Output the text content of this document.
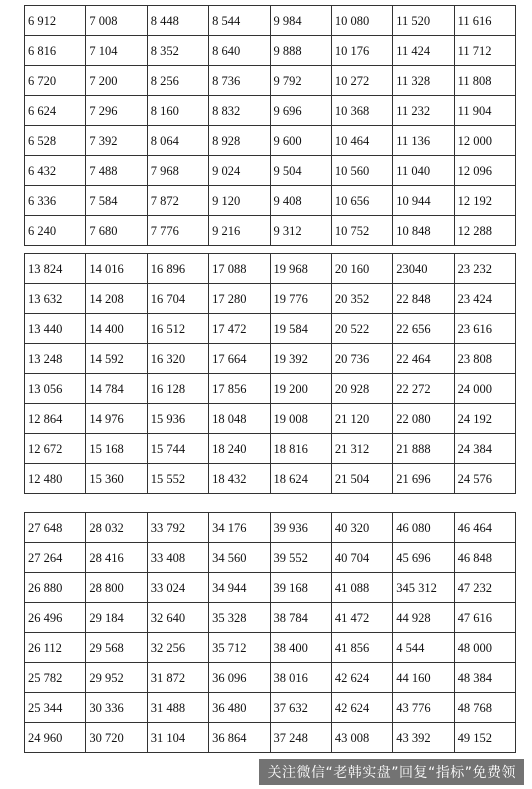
6 912	7 008	8 448	8 544	9 984	10 080	11 520	11 616
6 816	7 104	8 352	8 640	9 888	10 176	11 424	11 712
6 720	7 200	8 256	8 736	9 792	10 272	11 328	11 808
6 624	7 296	8 160	8 832	9 696	10 368	11 232	11 904
6 528	7 392	8 064	8 928	9 600	10 464	11 136	12 000
6 432	7 488	7 968	9 024	9 504	10 560	11 040	12 096
6 336	7 584	7 872	9 120	9 408	10 656	10 944	12 192
6 240	7 680	7 776	9 216	9 312	10 752	10 848	12 288
13 824	14 016	16 896	17 088	19 968	20 160	23040	23 232
13 632	14 208	16 704	17 280	19 776	20 352	22 848	23 424
13 440	14 400	16 512	17 472	19 584	20 522	22 656	23 616
13 248	14 592	16 320	17 664	19 392	20 736	22 464	23 808
13 056	14 784	16 128	17 856	19 200	20 928	22 272	24 000
12 864	14 976	15 936	18 048	19 008	21 120	22 080	24 192
12 672	15 168	15 744	18 240	18 816	21 312	21 888	24 384
12 480	15 360	15 552	18 432	18 624	21 504	21 696	24 576
27 648	28 032	33 792	34 176	39 936	40 320	46 080	46 464
27 264	28 416	33 408	34 560	39 552	40 704	45 696	46 848
26 880	28 800	33 024	34 944	39 168	41 088	345 312	47 232
26 496	29 184	32 640	35 328	38 784	41 472	44 928	47 616
26 112	29 568	32 256	35 712	38 400	41 856	4 544	48 000
25 782	29 952	31 872	36 096	38 016	42 624	44 160	48 384
25 344	30 336	31 488	36 480	37 632	42 624	43 776	48 768
24 960	30 720	31 104	36 864	37 248	43 008	43 392	49 152
关注微信“老韩实盘”回复“指标”免费领
